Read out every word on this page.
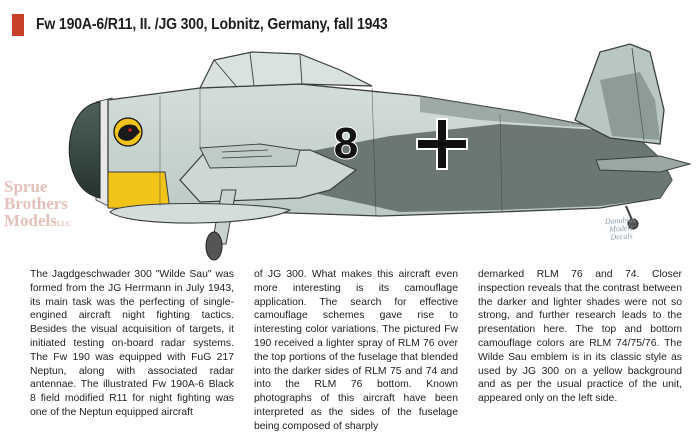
Fw 190A-6/R11, II. /JG 300, Lobnitz, Germany, fall 1943
8
Sprue
Brothers
ModelsLLC	Danubius
Models
Decals
The Jagdgeschwader 300 "Wilde Sau" was formed from the JG Herrmann in July 1943, its main task was the perfecting of single-engined aircraft night fighting tactics. Besides the visual acquisition of targets, it initiated testing on-board radar systems. The Fw 190 was equipped with FuG 217 Neptun, along with associated radar antennae. The illustrated Fw 190A-6 Black 8 field modified R11 for night fighting was one of the Neptun equipped aircraft
of JG 300. What makes this aircraft even more interesting is its camouflage application. The search for effective camouflage schemes gave rise to interesting color variations. The pictured Fw 190 received a lighter spray of RLM 76 over the top portions of the fuselage that blended into the darker sides of RLM 75 and 74 and into the RLM 76 bottom. Known photographs of this aircraft have been interpreted as the sides of the fuselage being composed of sharply
demarked RLM 76 and 74. Closer inspection reveals that the contrast between the darker and lighter shades were not so strong, and further research leads to the presentation here. The top and bottom camouflage colors are RLM 74/75/76. The Wilde Sau emblem is in its classic style as used by JG 300 on a yellow background and as per the usual practice of the unit, appeared only on the left side.
